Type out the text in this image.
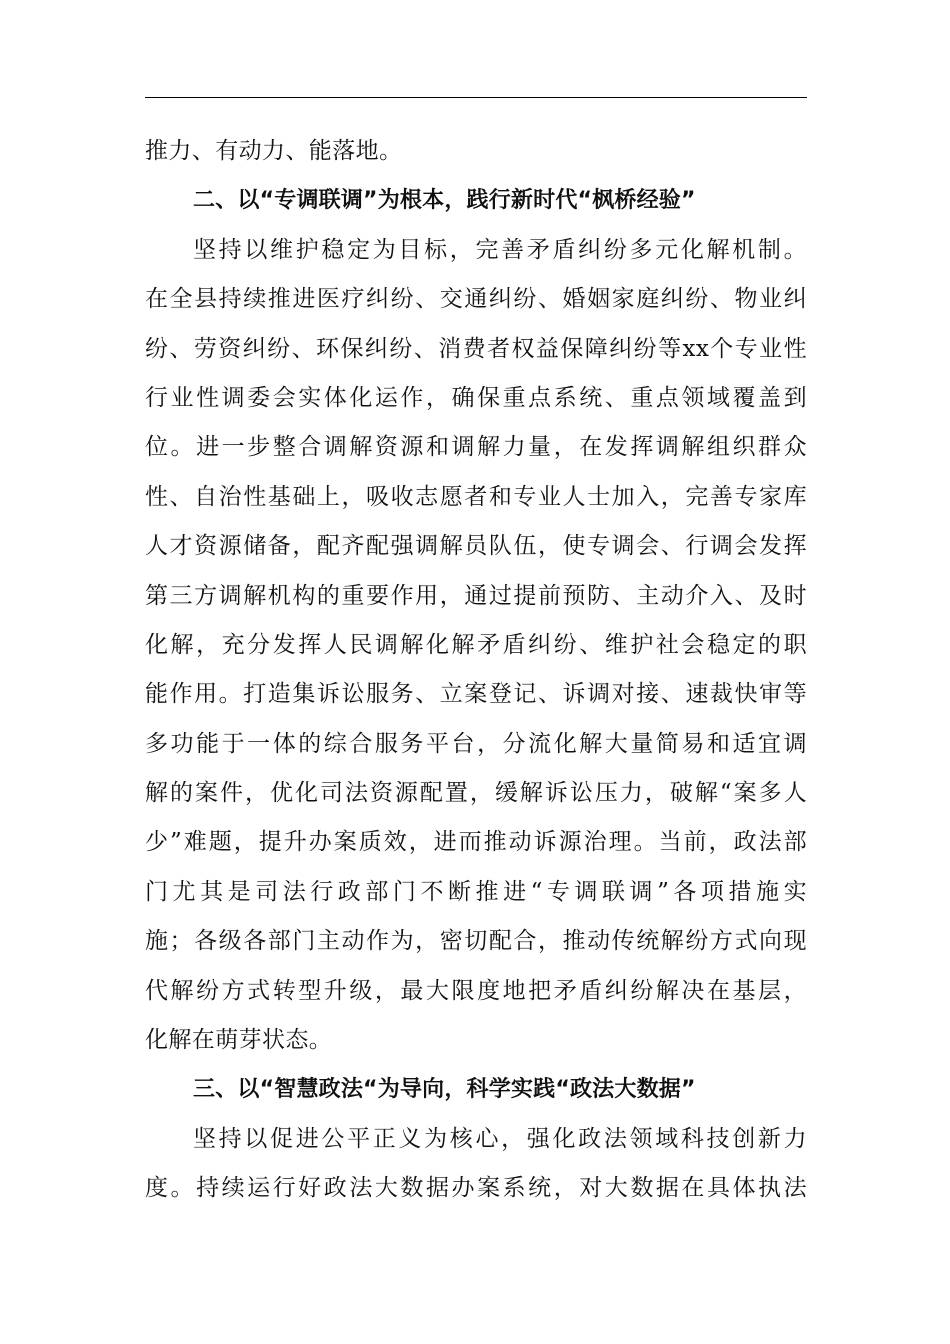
推力、有动力、能落地。
二、以“专调联调”为根本，践行新时代“枫桥经验”
坚持以维护稳定为目标，完善矛盾纠纷多元化解机制。
在全县持续推进医疗纠纷、交通纠纷、婚姻家庭纠纷、物业纠
纷、劳资纠纷、环保纠纷、消费者权益保障纠纷等xx个专业性
行业性调委会实体化运作，确保重点系统、重点领域覆盖到
位。进一步整合调解资源和调解力量，在发挥调解组织群众
性、自治性基础上，吸收志愿者和专业人士加入，完善专家库
人才资源储备，配齐配强调解员队伍，使专调会、行调会发挥
第三方调解机构的重要作用，通过提前预防、主动介入、及时
化解，充分发挥人民调解化解矛盾纠纷、维护社会稳定的职
能作用。打造集诉讼服务、立案登记、诉调对接、速裁快审等
多功能于一体的综合服务平台，分流化解大量简易和适宜调
解的案件，优化司法资源配置，缓解诉讼压力，破解“案多人
少”难题，提升办案质效，进而推动诉源治理。当前，政法部
门尤其是司法行政部门不断推进“专调联调”各项措施实
施；各级各部门主动作为，密切配合，推动传统解纷方式向现
代解纷方式转型升级，最大限度地把矛盾纠纷解决在基层，
化解在萌芽状态。
三、以“智慧政法“为导向，科学实践“政法大数据”
坚持以促进公平正义为核心，强化政法领域科技创新力
度。持续运行好政法大数据办案系统，对大数据在具体执法
